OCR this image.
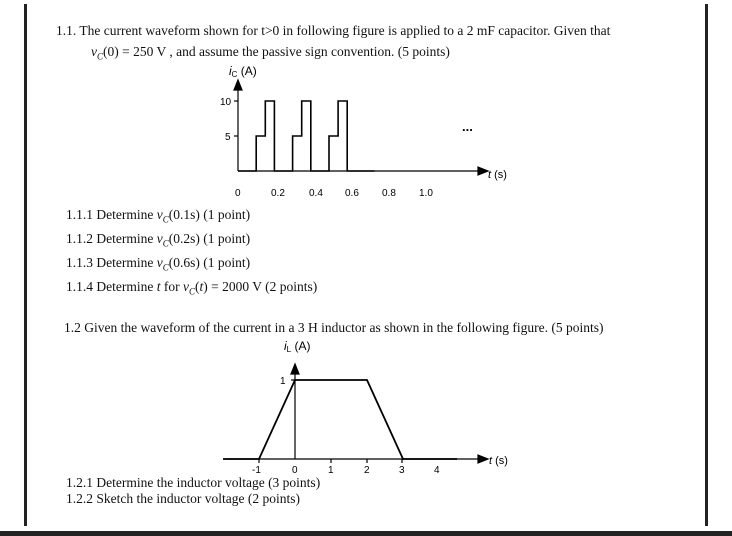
1.1. The current waveform shown for t>0 in following figure is applied to a 2 mF capacitor. Given that
$v_C(0) = 250$ V , and assume the passive sign convention. (5 points)
iC (A)
10
5
t (s)
0	0.2 0.4 0.6 0.8 1.0
...
iL (A)
1
t (s)
-1	0	1	2	3	4
1.1.1 Determine $v_C(0.1s)$ (1 point)
1.1.2 Determine $v_C(0.2s)$ (1 point)
1.1.3 Determine $v_C(0.6s)$ (1 point)
1.1.4 Determine t for $v_C(t) = 2000$ V (2 points)
1.2 Given the waveform of the current in a 3 H inductor as shown in the following figure. (5 points)
1.2.1 Determine the inductor voltage (3 points)
1.2.2 Sketch the inductor voltage (2 points)
